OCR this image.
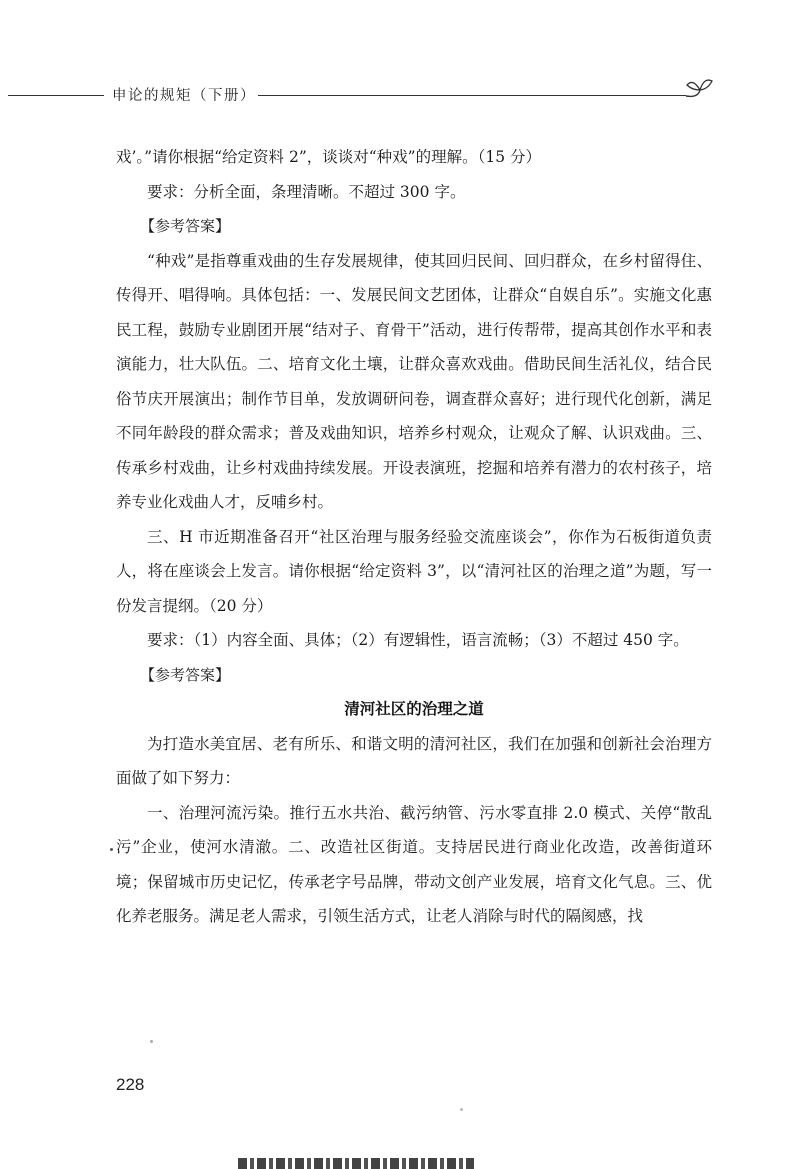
申论的规矩（下册）

戏’。”请你根据“给定资料 2”，谈谈对“种戏”的理解。（15 分）

要求：分析全面，条理清晰。不超过 300 字。

【参考答案】

“种戏”是指尊重戏曲的生存发展规律，使其回归民间、回归群众，在乡村留得住、传得开、唱得响。具体包括：一、发展民间文艺团体，让群众“自娱自乐”。实施文化惠民工程，鼓励专业剧团开展“结对子、育骨干”活动，进行传帮带，提高其创作水平和表演能力，壮大队伍。二、培育文化土壤，让群众喜欢戏曲。借助民间生活礼仪，结合民俗节庆开展演出；制作节目单，发放调研问卷，调查群众喜好；进行现代化创新，满足不同年龄段的群众需求；普及戏曲知识，培养乡村观众，让观众了解、认识戏曲。三、传承乡村戏曲，让乡村戏曲持续发展。开设表演班，挖掘和培养有潜力的农村孩子，培养专业化戏曲人才，反哺乡村。

三、H 市近期准备召开“社区治理与服务经验交流座谈会”，你作为石板街道负责人，将在座谈会上发言。请你根据“给定资料 3”，以“清河社区的治理之道”为题，写一份发言提纲。（20 分）

要求：（1）内容全面、具体；（2）有逻辑性，语言流畅；（3）不超过 450 字。

【参考答案】

清河社区的治理之道

为打造水美宜居、老有所乐、和谐文明的清河社区，我们在加强和创新社会治理方面做了如下努力：

一、治理河流污染。推行五水共治、截污纳管、污水零直排 2.0 模式、关停“散乱污”企业，使河水清澈。二、改造社区街道。支持居民进行商业化改造，改善街道环境；保留城市历史记忆，传承老字号品牌，带动文创产业发展，培育文化气息。三、优化养老服务。满足老人需求，引领生活方式，让老人消除与时代的隔阂感，找

228
